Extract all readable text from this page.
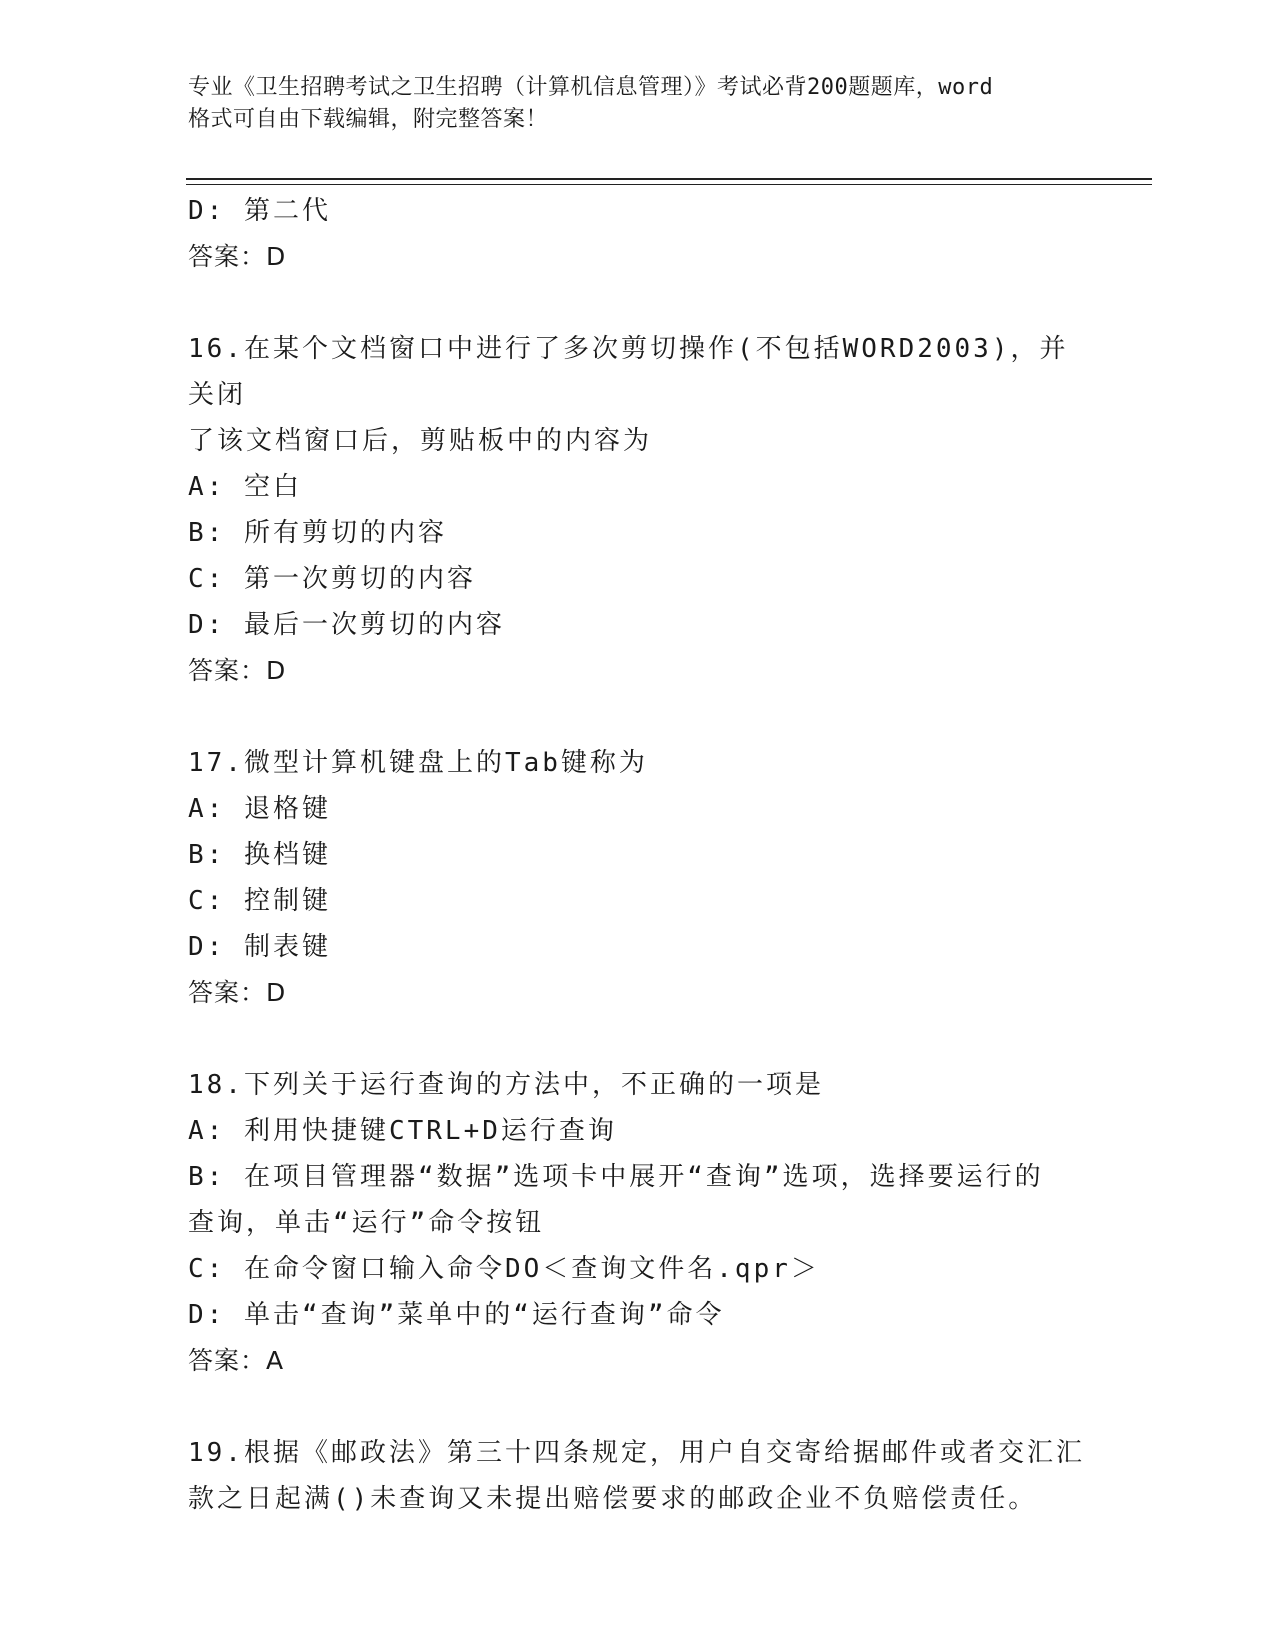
专业《卫生招聘考试之卫生招聘（计算机信息管理）》考试必背200题题库，word
格式可自由下载编辑，附完整答案！
D: 第二代
答案：D
16.在某个文档窗口中进行了多次剪切操作(不包括WORD2003)，并关闭
了该文档窗口后，剪贴板中的内容为
A: 空白
B: 所有剪切的内容
C: 第一次剪切的内容
D: 最后一次剪切的内容
答案：D
17.微型计算机键盘上的Tab键称为
A: 退格键
B: 换档键
C: 控制键
D: 制表键
答案：D
18.下列关于运行查询的方法中，不正确的一项是
A: 利用快捷键CTRL+D运行查询
B: 在项目管理器“数据”选项卡中展开“查询”选项，选择要运行的
查询，单击“运行”命令按钮
C: 在命令窗口输入命令DO＜查询文件名.qpr＞
D: 单击“查询”菜单中的“运行查询”命令
答案：A
19.根据《邮政法》第三十四条规定，用户自交寄给据邮件或者交汇汇
款之日起满()未查询又未提出赔偿要求的邮政企业不负赔偿责任。
